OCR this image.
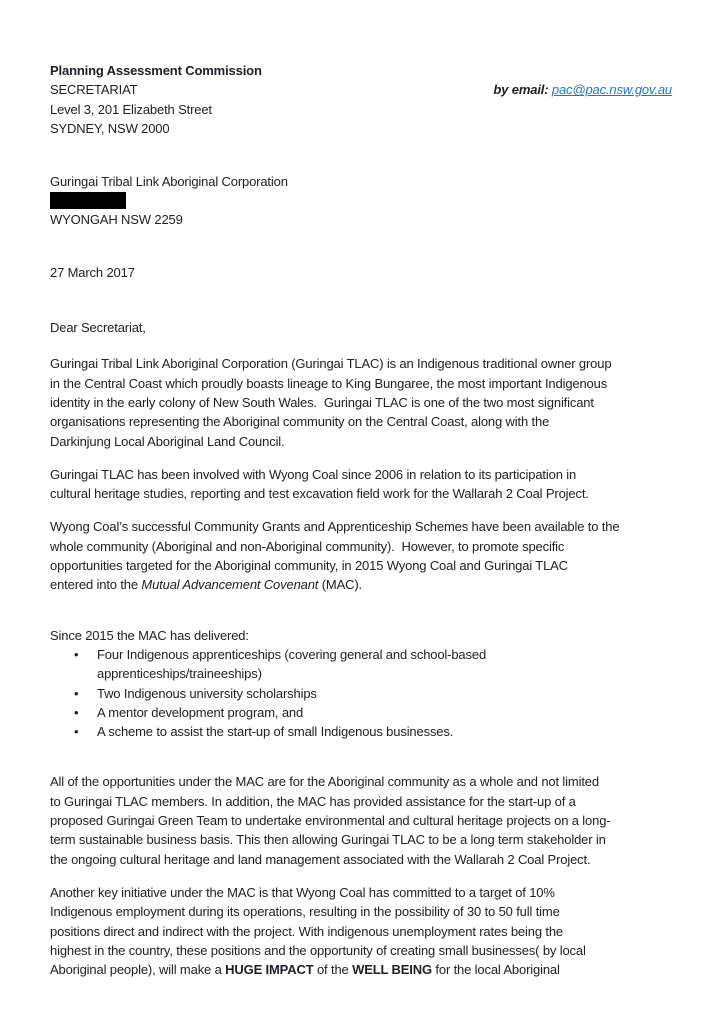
Planning Assessment Commission
SECRETARIAT
Level 3, 201 Elizabeth Street
SYDNEY, NSW 2000

by email: pac@pac.nsw.gov.au

Guringai Tribal Link Aboriginal Corporation
WYONGAH NSW 2259
27 March 2017
Dear Secretariat,
Guringai Tribal Link Aboriginal Corporation (Guringai TLAC) is an Indigenous traditional owner group
in the Central Coast which proudly boasts lineage to King Bungaree, the most important Indigenous
identity in the early colony of New South Wales.  Guringai TLAC is one of the two most significant
organisations representing the Aboriginal community on the Central Coast, along with the
Darkinjung Local Aboriginal Land Council.
Guringai TLAC has been involved with Wyong Coal since 2006 in relation to its participation in
cultural heritage studies, reporting and test excavation field work for the Wallarah 2 Coal Project.
Wyong Coal’s successful Community Grants and Apprenticeship Schemes have been available to the
whole community (Aboriginal and non-Aboriginal community).  However, to promote specific
opportunities targeted for the Aboriginal community, in 2015 Wyong Coal and Guringai TLAC
entered into the Mutual Advancement Covenant (MAC).
Since 2015 the MAC has delivered:
•	Four Indigenous apprenticeships (covering general and school-based
apprenticeships/traineeships)
•	Two Indigenous university scholarships
•	A mentor development program, and
•	A scheme to assist the start-up of small Indigenous businesses.
All of the opportunities under the MAC are for the Aboriginal community as a whole and not limited
to Guringai TLAC members. In addition, the MAC has provided assistance for the start-up of a
proposed Guringai Green Team to undertake environmental and cultural heritage projects on a long-
term sustainable business basis. This then allowing Guringai TLAC to be a long term stakeholder in
the ongoing cultural heritage and land management associated with the Wallarah 2 Coal Project.
Another key initiative under the MAC is that Wyong Coal has committed to a target of 10%
Indigenous employment during its operations, resulting in the possibility of 30 to 50 full time
positions direct and indirect with the project. With indigenous unemployment rates being the
highest in the country, these positions and the opportunity of creating small businesses( by local
Aboriginal people), will make a HUGE IMPACT of the WELL BEING for the local Aboriginal
